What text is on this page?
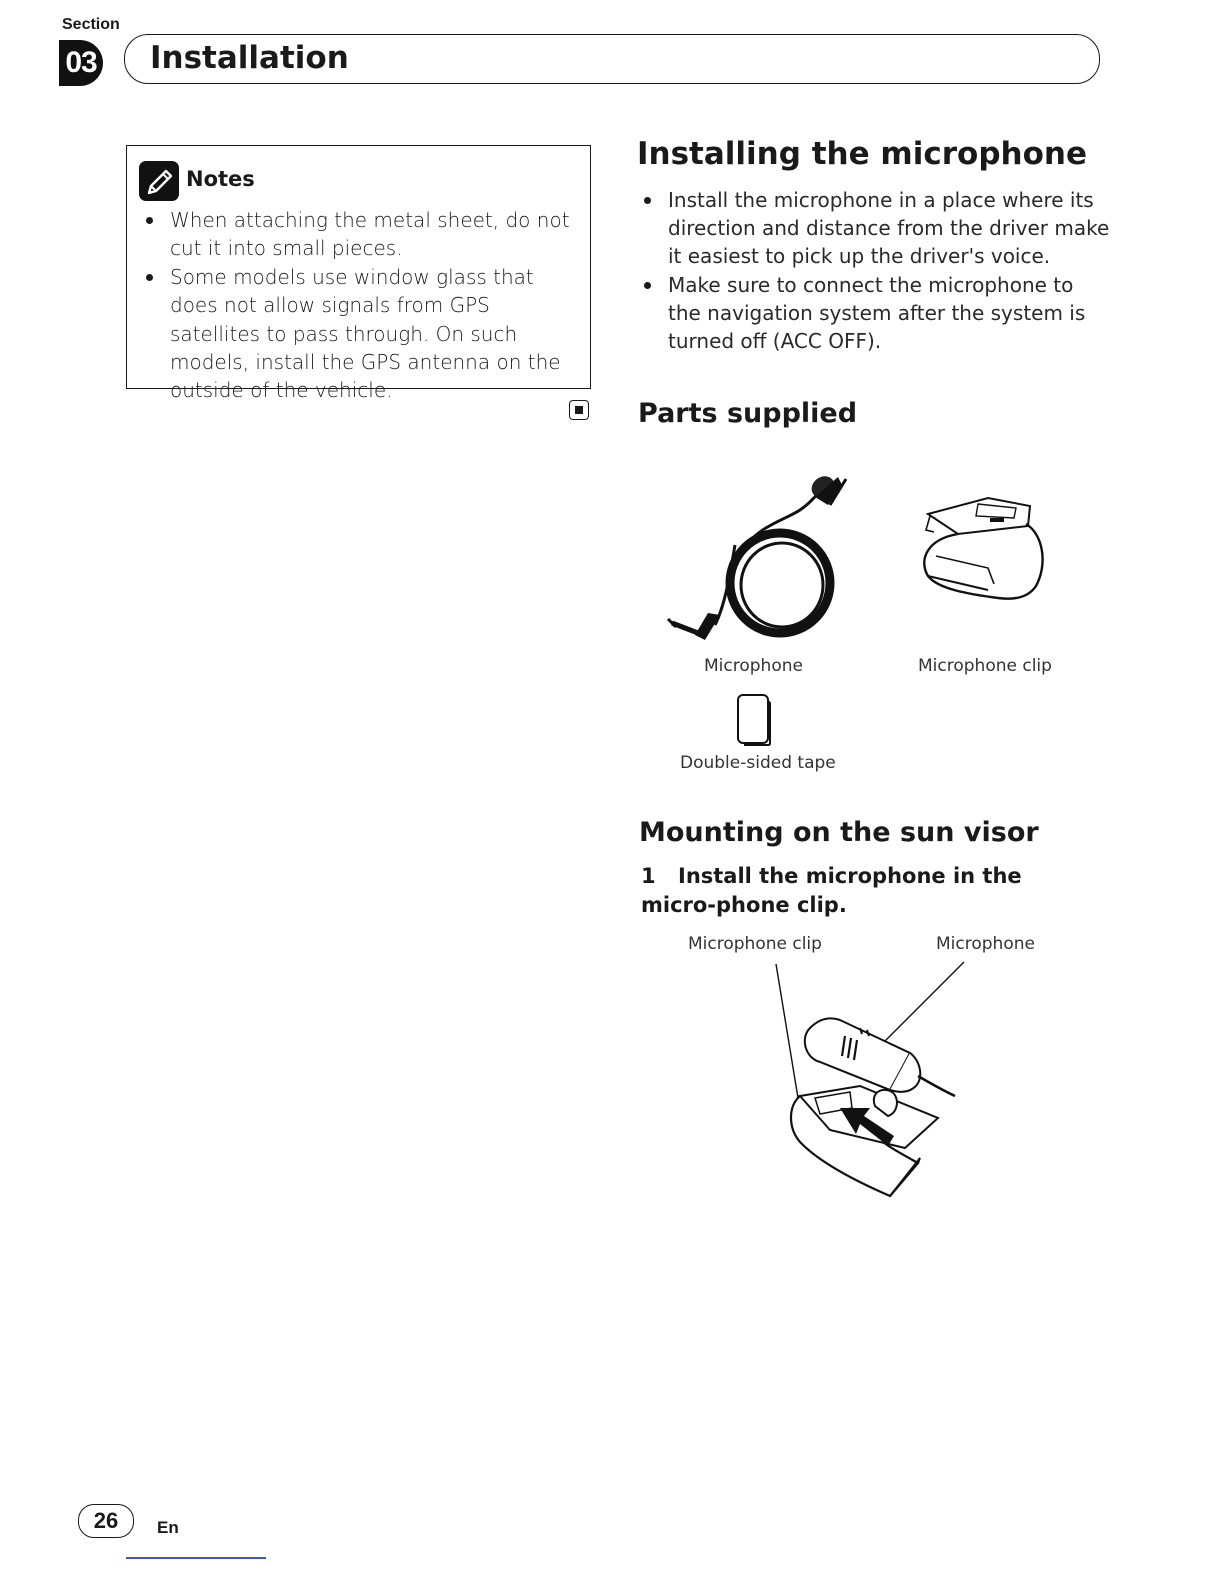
Section
03 Installation
Notes
When attaching the metal sheet, do not cut it into small pieces.
Some models use window glass that does not allow signals from GPS satellites to pass through. On such models, install the GPS antenna on the outside of the vehicle.
Installing the microphone
Install the microphone in a place where its direction and distance from the driver make it easiest to pick up the driver's voice.
Make sure to connect the microphone to the navigation system after the system is turned off (ACC OFF).
Parts supplied
Microphone	Microphone clip
Double-sided tape
Mounting on the sun visor
1 Install the microphone in the micro-phone clip.
Microphone clip	Microphone
26	En
